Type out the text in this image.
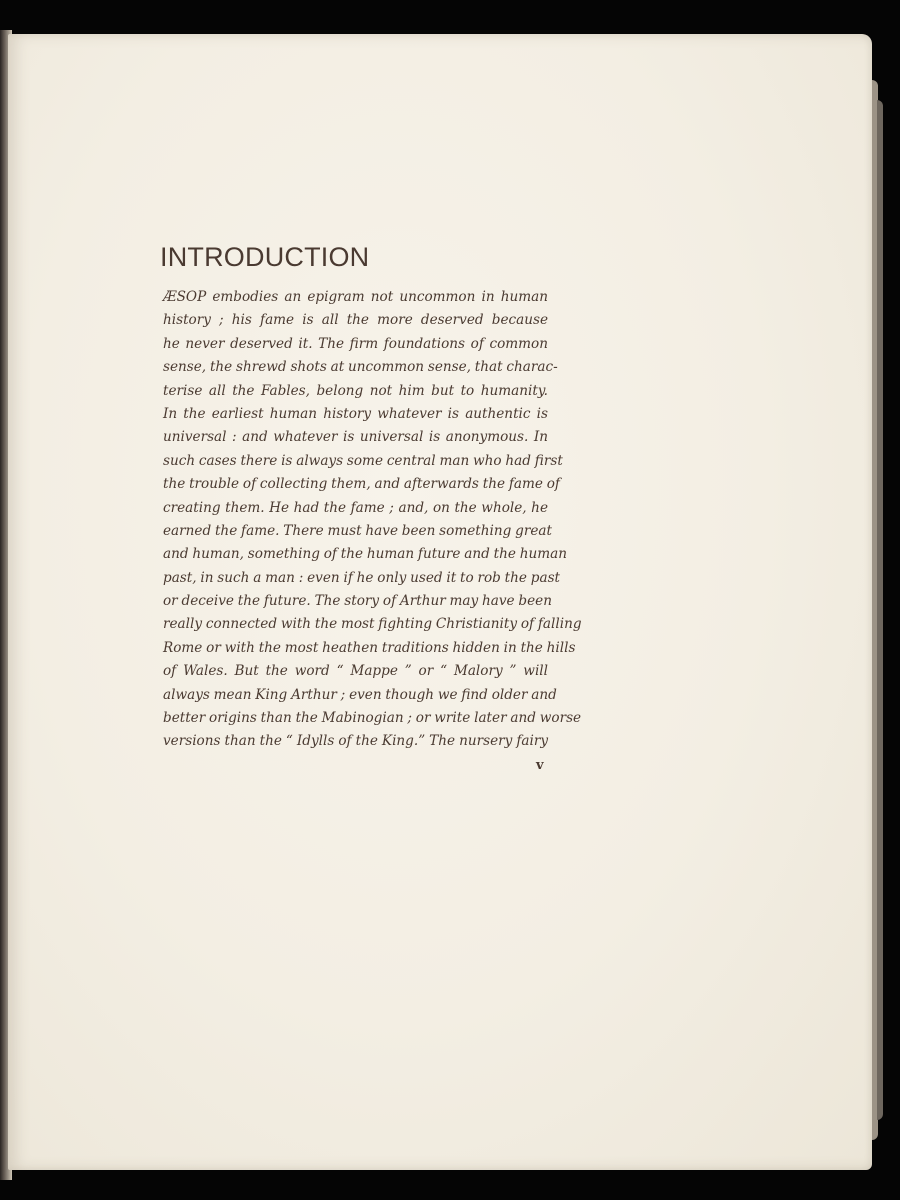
INTRODUCTION
ÆSOP embodies an epigram not uncommon in human
history ; his fame is all the more deserved because
he never deserved it. The firm foundations of common
sense, the shrewd shots at uncommon sense, that charac-
terise all the Fables, belong not him but to humanity.
In the earliest human history whatever is authentic is
universal : and whatever is universal is anonymous. In
such cases there is always some central man who had first
the trouble of collecting them, and afterwards the fame of
creating them. He had the fame ; and, on the whole, he
earned the fame. There must have been something great
and human, something of the human future and the human
past, in such a man : even if he only used it to rob the past
or deceive the future. The story of Arthur may have been
really connected with the most fighting Christianity of falling
Rome or with the most heathen traditions hidden in the hills
of Wales. But the word “ Mappe ” or “ Malory ” will
always mean King Arthur ; even though we find older and
better origins than the Mabinogian ; or write later and worse
versions than the “ Idylls of the King.” The nursery fairy
v
